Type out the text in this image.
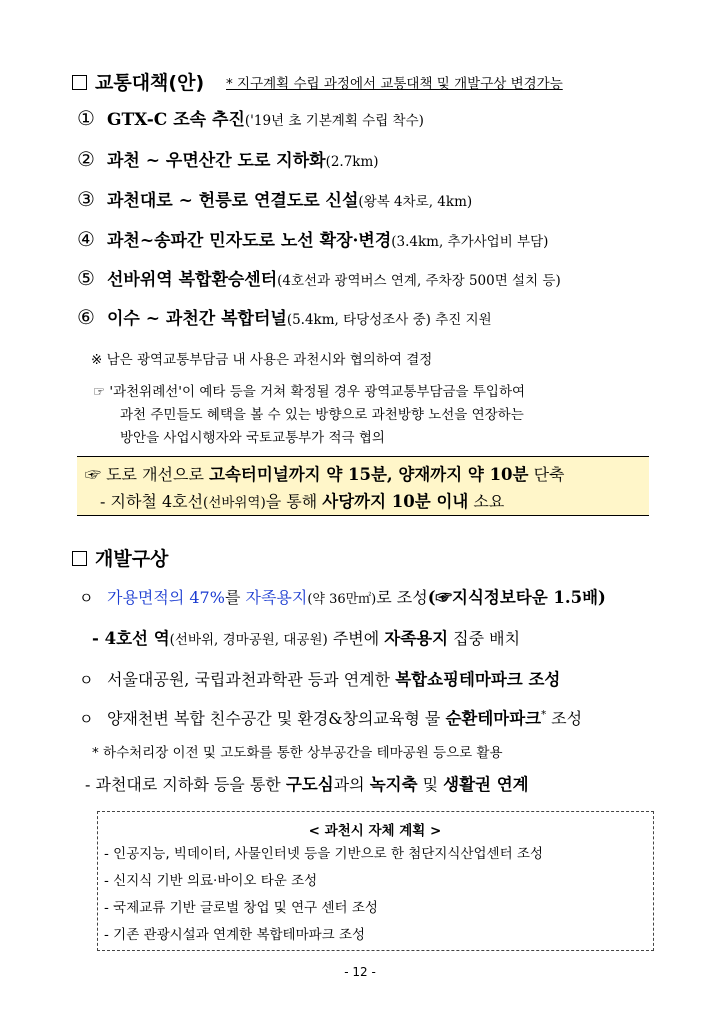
교통대책(안) * 지구계획 수립 과정에서 교통대책 및 개발구상 변경가능
① GTX-C 조속 추진('19년 초 기본계획 수립 착수)
② 과천 ~ 우면산간 도로 지하화(2.7km)
③ 과천대로 ~ 헌릉로 연결도로 신설(왕복 4차로, 4km)
④ 과천~송파간 민자도로 노선 확장·변경(3.4km, 추가사업비 부담)
⑤ 선바위역 복합환승센터(4호선과 광역버스 연계, 주차장 500면 설치 등)
⑥ 이수 ~ 과천간 복합터널(5.4km, 타당성조사 중) 추진 지원
※ 남은 광역교통부담금 내 사용은 과천시와 협의하여 결정
☞ '과천위례선'이 예타 등을 거쳐 확정될 경우 광역교통부담금을 투입하여
과천 주민들도 혜택을 볼 수 있는 방향으로 과천방향 노선을 연장하는
방안을 사업시행자와 국토교통부가 적극 협의
☞ 도로 개선으로 고속터미널까지 약 15분, 양재까지 약 10분 단축
- 지하철 4호선(선바위역)을 통해 사당까지 10분 이내 소요
개발구상
ㅇ 가용면적의 47%를 자족용지(약 36만㎡)로 조성(☞지식정보타운 1.5배)
- 4호선 역(선바위, 경마공원, 대공원) 주변에 자족용지 집중 배치
ㅇ 서울대공원, 국립과천과학관 등과 연계한 복합쇼핑테마파크 조성
ㅇ 양재천변 복합 친수공간 및 환경&창의교육형 물 순환테마파크* 조성
* 하수처리장 이전 및 고도화를 통한 상부공간을 테마공원 등으로 활용
- 과천대로 지하화 등을 통한 구도심과의 녹지축 및 생활권 연계
< 과천시 자체 계획 >
- 인공지능, 빅데이터, 사물인터넷 등을 기반으로 한 첨단지식산업센터 조성
- 신지식 기반 의료·바이오 타운 조성
- 국제교류 기반 글로벌 창업 및 연구 센터 조성
- 기존 관광시설과 연계한 복합테마파크 조성
- 12 -
